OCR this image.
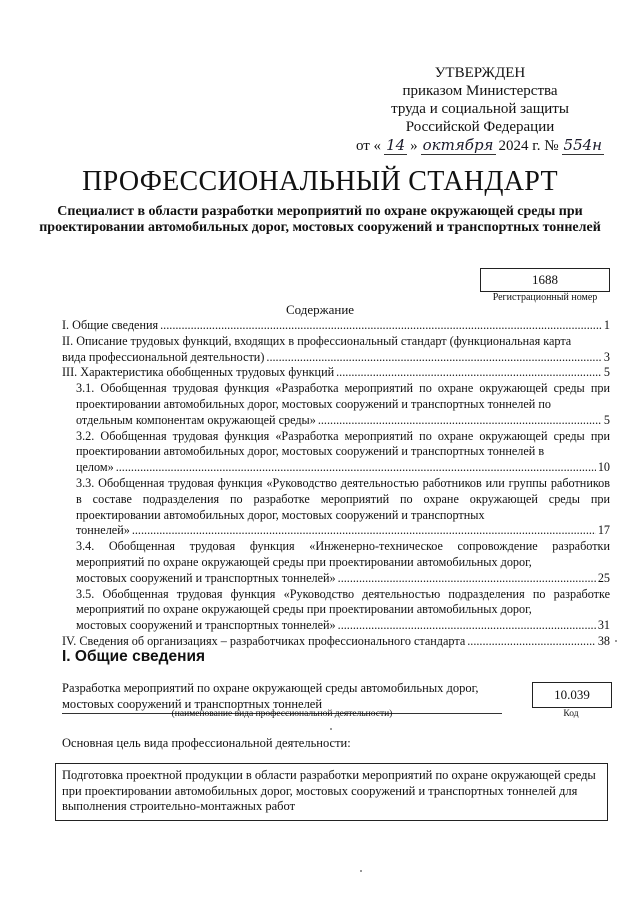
УТВЕРЖДЕН
приказом Министерства
труда и социальной защиты
Российской Федерации
от « 14 » октября 2024 г. № 554н
ПРОФЕССИОНАЛЬНЫЙ СТАНДАРТ
Специалист в области разработки мероприятий по охране окружающей среды при проектировании автомобильных дорог, мостовых сооружений и транспортных тоннелей
1688
Регистрационный номер
Содержание
I. Общие сведения .....	1
II. Описание трудовых функций, входящих в профессиональный стандарт (функциональная карта
вида профессиональной деятельности) .....	3
III. Характеристика обобщенных трудовых функций .....	5
3.1. Обобщенная трудовая функция «Разработка мероприятий по охране окружающей среды при проектировании автомобильных дорог, мостовых сооружений и транспортных тоннелей по
отдельным компонентам окружающей среды» .....	5
3.2. Обобщенная трудовая функция «Разработка мероприятий по охране окружающей среды при проектировании автомобильных дорог, мостовых сооружений и транспортных тоннелей в
целом» .....	10
3.3. Обобщенная трудовая функция «Руководство деятельностью работников или группы работников в составе подразделения по разработке мероприятий по охране окружающей среды при проектировании автомобильных дорог, мостовых сооружений и транспортных
тоннелей» .....	17
3.4. Обобщенная трудовая функция «Инженерно-техническое сопровождение разработки мероприятий по охране окружающей среды при проектировании автомобильных дорог,
мостовых сооружений и транспортных тоннелей» .....	25
3.5. Обобщенная трудовая функция «Руководство деятельностью подразделения по разработке мероприятий по охране окружающей среды при проектировании автомобильных дорог,
мостовых сооружений и транспортных тоннелей» .....	31
IV. Сведения об организациях – разработчиках профессионального стандарта .....	38
I. Общие сведения
Разработка мероприятий по охране окружающей среды автомобильных дорог, мостовых сооружений и транспортных тоннелей
(наименование вида профессиональной деятельности)
10.039
Код
Основная цель вида профессиональной деятельности:
Подготовка проектной продукции в области разработки мероприятий по охране окружающей среды при проектировании автомобильных дорог, мостовых сооружений и транспортных тоннелей для выполнения строительно-монтажных работ
